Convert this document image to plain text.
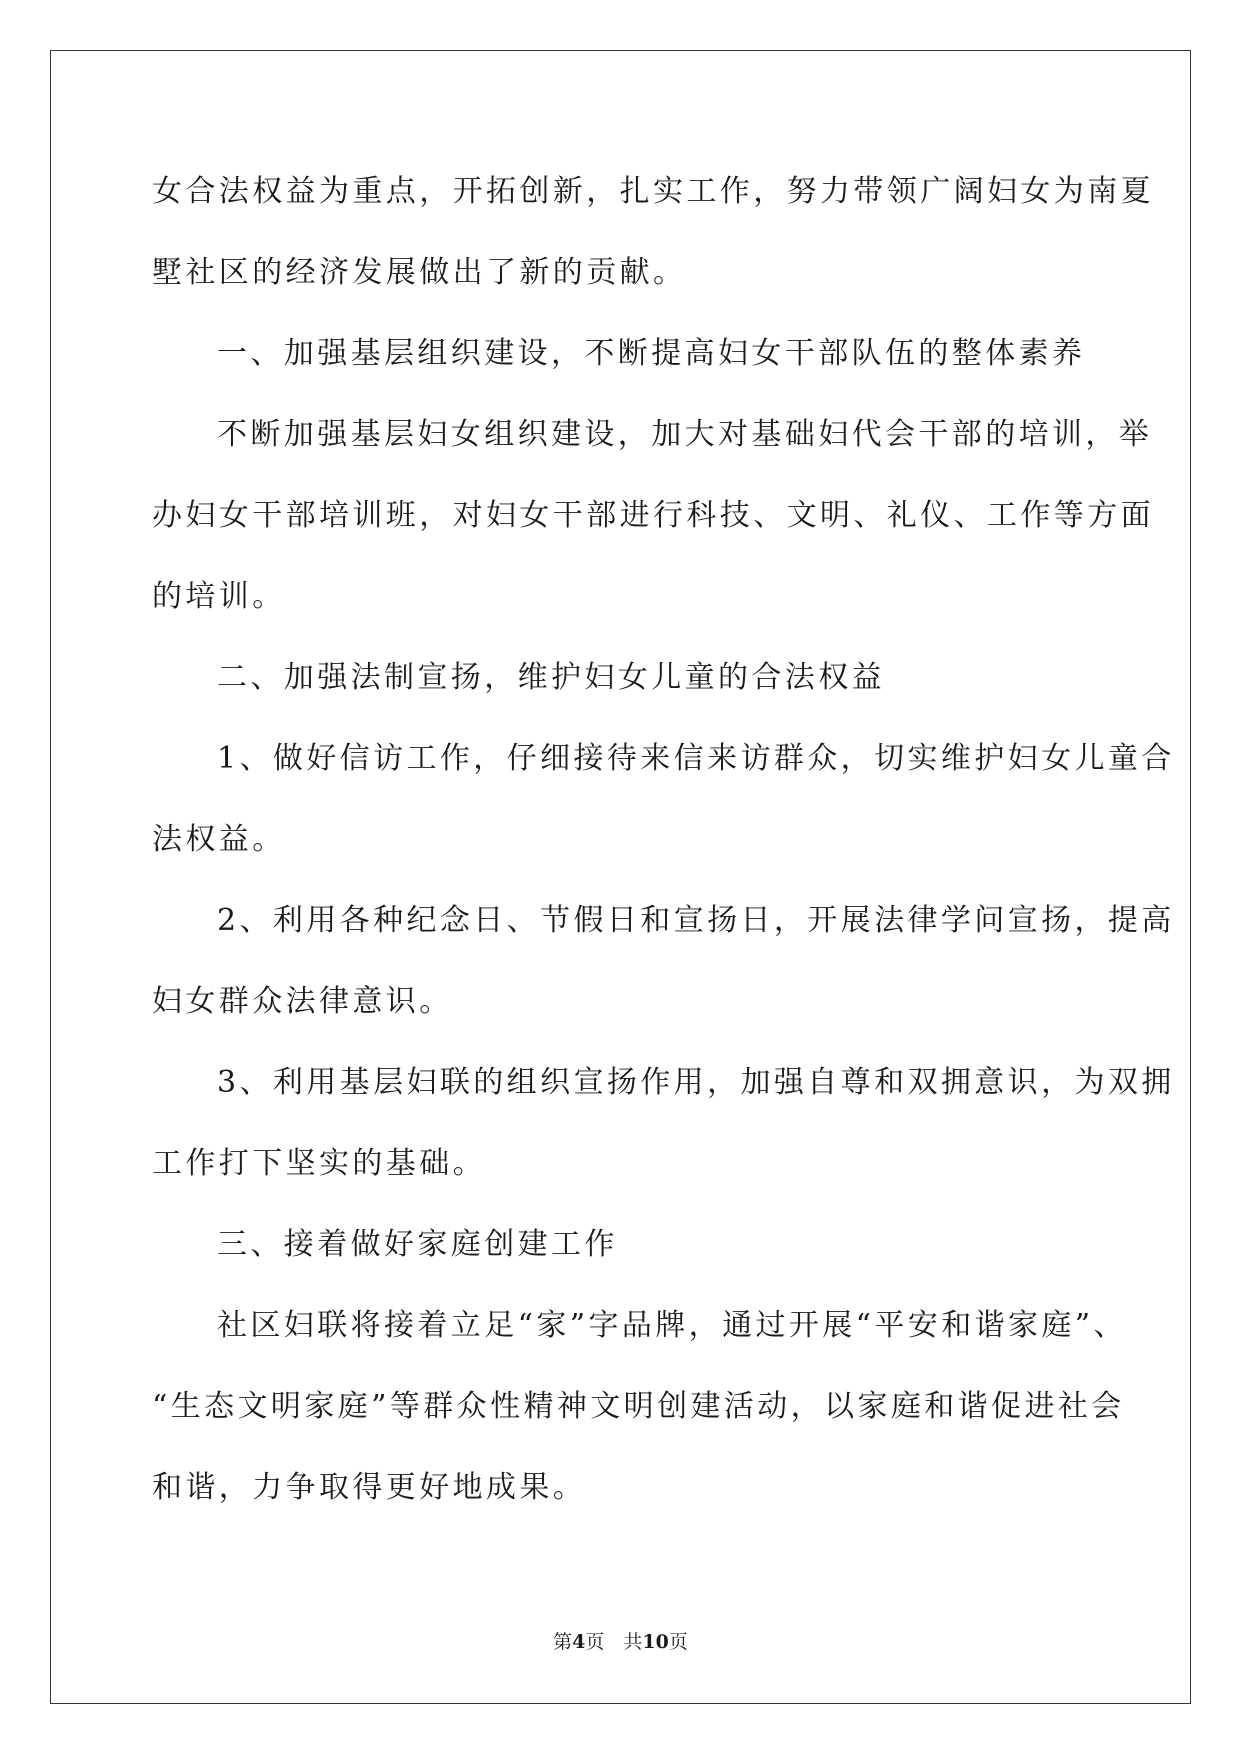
女合法权益为重点，开拓创新，扎实工作，努力带领广阔妇女为南夏
墅社区的经济发展做出了新的贡献。
一、加强基层组织建设，不断提高妇女干部队伍的整体素养
不断加强基层妇女组织建设，加大对基础妇代会干部的培训，举
办妇女干部培训班，对妇女干部进行科技、文明、礼仪、工作等方面
的培训。
二、加强法制宣扬，维护妇女儿童的合法权益
1、做好信访工作，仔细接待来信来访群众，切实维护妇女儿童合
法权益。
2、利用各种纪念日、节假日和宣扬日，开展法律学问宣扬，提高
妇女群众法律意识。
3、利用基层妇联的组织宣扬作用，加强自尊和双拥意识，为双拥
工作打下坚实的基础。
三、接着做好家庭创建工作
社区妇联将接着立足“家”字品牌，通过开展“平安和谐家庭”、
“生态文明家庭”等群众性精神文明创建活动，以家庭和谐促进社会
和谐，力争取得更好地成果。
第4页　共10页
